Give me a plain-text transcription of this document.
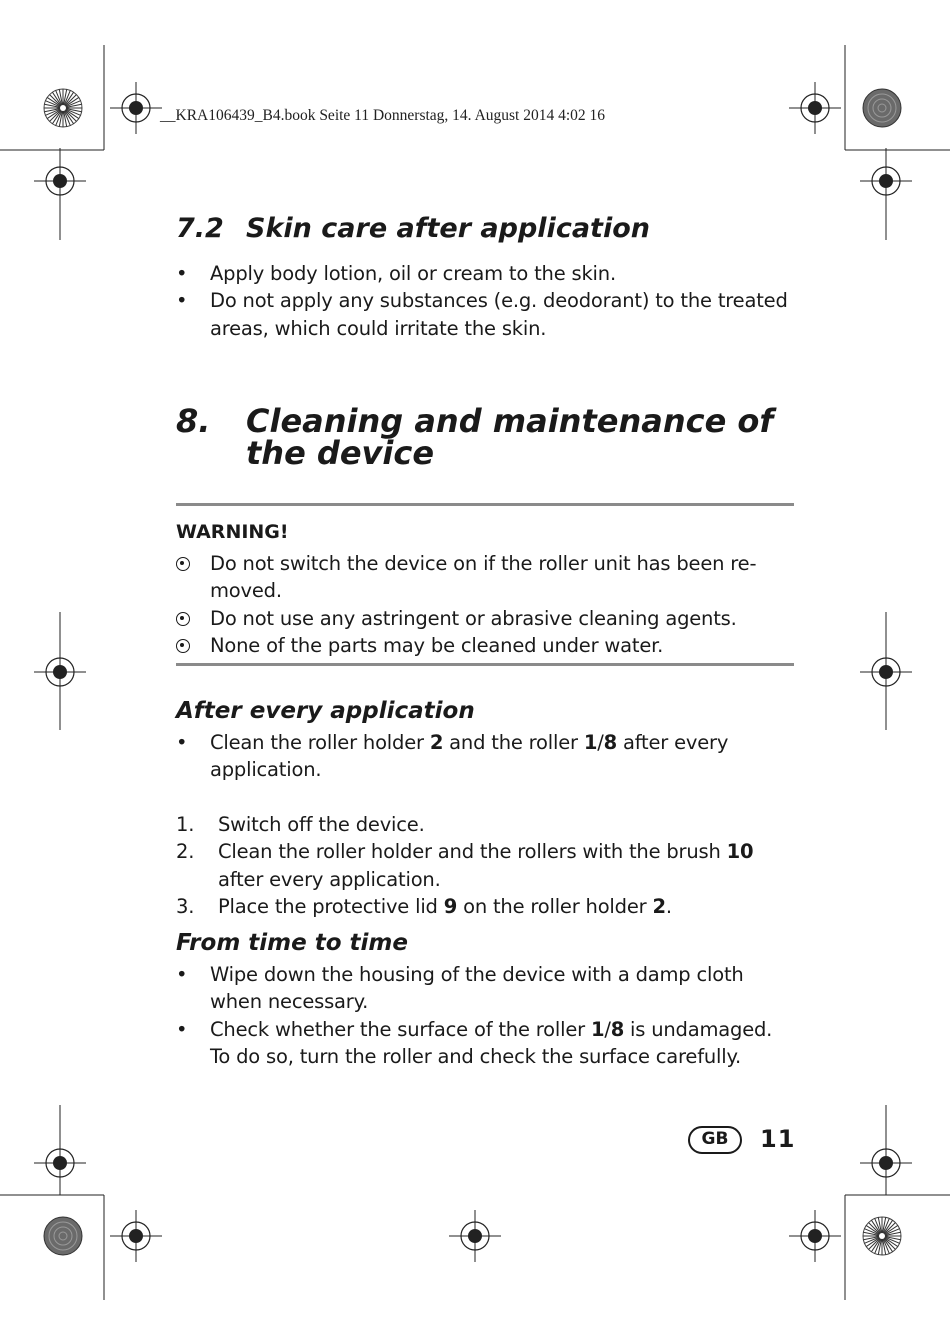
__KRA106439_B4.book Seite 11 Donnerstag, 14. August 2014 4:02 16
7.2 Skin care after application
•	Apply body lotion, oil or cream to the skin.
•	Do not apply any substances (e.g. deodorant) to the treated areas, which could irritate the skin.
8. Cleaning and maintenance of the device
WARNING!
Do not switch the device on if the roller unit has been re-moved.
Do not use any astringent or abrasive cleaning agents.
None of the parts may be cleaned under water.
After every application
•	Clean the roller holder 2 and the roller 1/8 after every application.
1.	Switch off the device.
2.	Clean the roller holder and the rollers with the brush 10 after every application.
3.	Place the protective lid 9 on the roller holder 2.
From time to time
•	Wipe down the housing of the device with a damp cloth when necessary.
•	Check whether the surface of the roller 1/8 is undamaged. To do so, turn the roller and check the surface carefully.
GB	11
